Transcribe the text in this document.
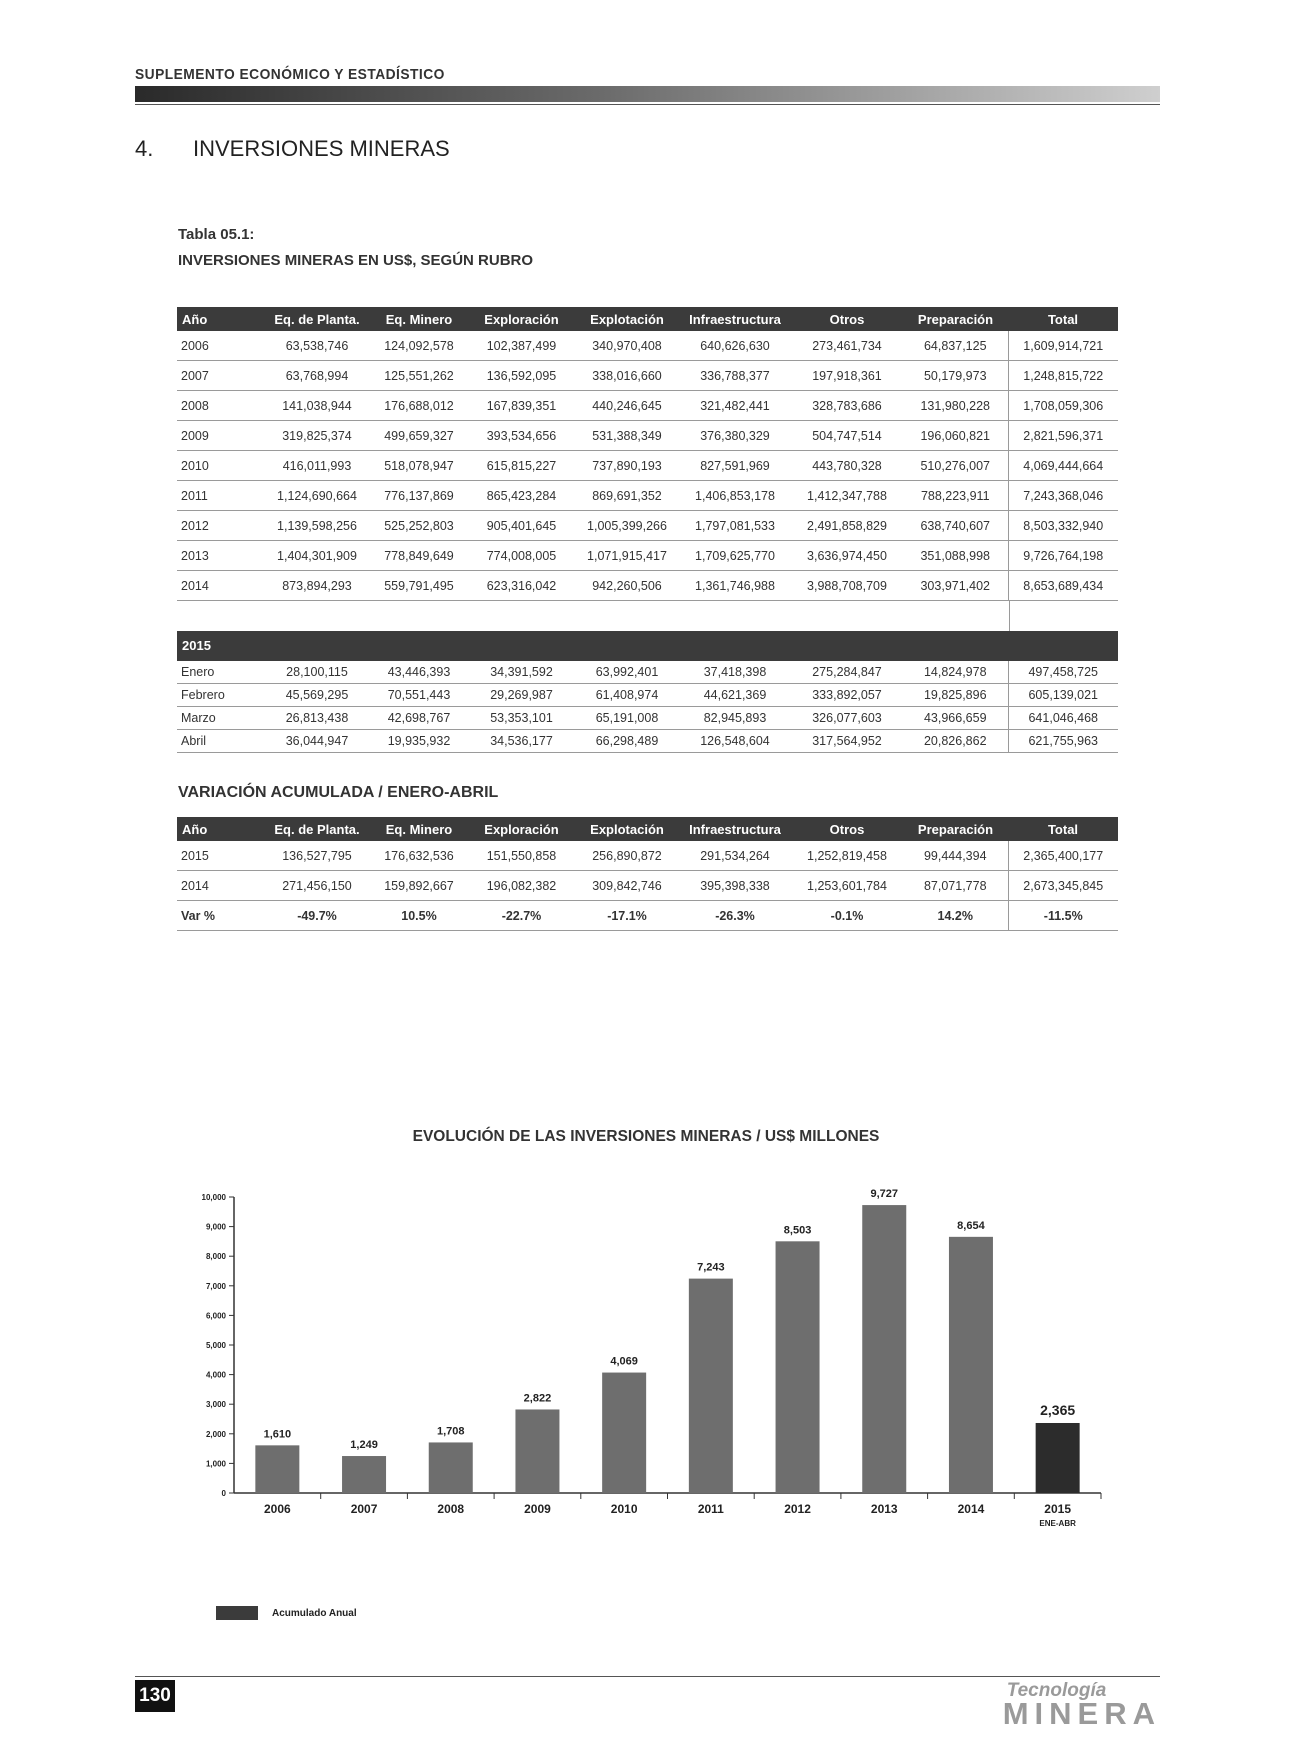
SUPLEMENTO ECONÓMICO Y ESTADÍSTICO
4. INVERSIONES MINERAS
Tabla 05.1:
INVERSIONES MINERAS EN US$, SEGÚN RUBRO
Año	Eq. de Planta.	Eq. Minero	Exploración	Explotación	Infraestructura	Otros	Preparación	Total
2006	63,538,746	124,092,578	102,387,499	340,970,408	640,626,630	273,461,734	64,837,125	1,609,914,721
2007	63,768,994	125,551,262	136,592,095	338,016,660	336,788,377	197,918,361	50,179,973	1,248,815,722
2008	141,038,944	176,688,012	167,839,351	440,246,645	321,482,441	328,783,686	131,980,228	1,708,059,306
2009	319,825,374	499,659,327	393,534,656	531,388,349	376,380,329	504,747,514	196,060,821	2,821,596,371
2010	416,011,993	518,078,947	615,815,227	737,890,193	827,591,969	443,780,328	510,276,007	4,069,444,664
2011	1,124,690,664	776,137,869	865,423,284	869,691,352	1,406,853,178	1,412,347,788	788,223,911	7,243,368,046
2012	1,139,598,256	525,252,803	905,401,645	1,005,399,266	1,797,081,533	2,491,858,829	638,740,607	8,503,332,940
2013	1,404,301,909	778,849,649	774,008,005	1,071,915,417	1,709,625,770	3,636,974,450	351,088,998	9,726,764,198
2014	873,894,293	559,791,495	623,316,042	942,260,506	1,361,746,988	3,988,708,709	303,971,402	8,653,689,434
2015
Enero	28,100,115	43,446,393	34,391,592	63,992,401	37,418,398	275,284,847	14,824,978	497,458,725
Febrero	45,569,295	70,551,443	29,269,987	61,408,974	44,621,369	333,892,057	19,825,896	605,139,021
Marzo	26,813,438	42,698,767	53,353,101	65,191,008	82,945,893	326,077,603	43,966,659	641,046,468
Abril	36,044,947	19,935,932	34,536,177	66,298,489	126,548,604	317,564,952	20,826,862	621,755,963
VARIACIÓN ACUMULADA / ENERO-ABRIL
Año	Eq. de Planta.	Eq. Minero	Exploración	Explotación	Infraestructura	Otros	Preparación	Total
2015	136,527,795	176,632,536	151,550,858	256,890,872	291,534,264	1,252,819,458	99,444,394	2,365,400,177
2014	271,456,150	159,892,667	196,082,382	309,842,746	395,398,338	1,253,601,784	87,071,778	2,673,345,845
Var %	-49.7%	10.5%	-22.7%	-17.1%	-26.3%	-0.1%	14.2%	-11.5%
EVOLUCIÓN DE LAS INVERSIONES MINERAS / US$ MILLONES
0
1,000
2,000
3,000
4,000
5,000
6,000
7,000
8,000
9,000
10,000
1,610
2006
1,249
2007
1,708
2008
2,822
2009
4,069
2010
7,243
2011
8,503
2012
9,727
2013
8,654
2014
2,365
2015
ENE-ABR
Acumulado Anual
130	Tecnología
MINERA
